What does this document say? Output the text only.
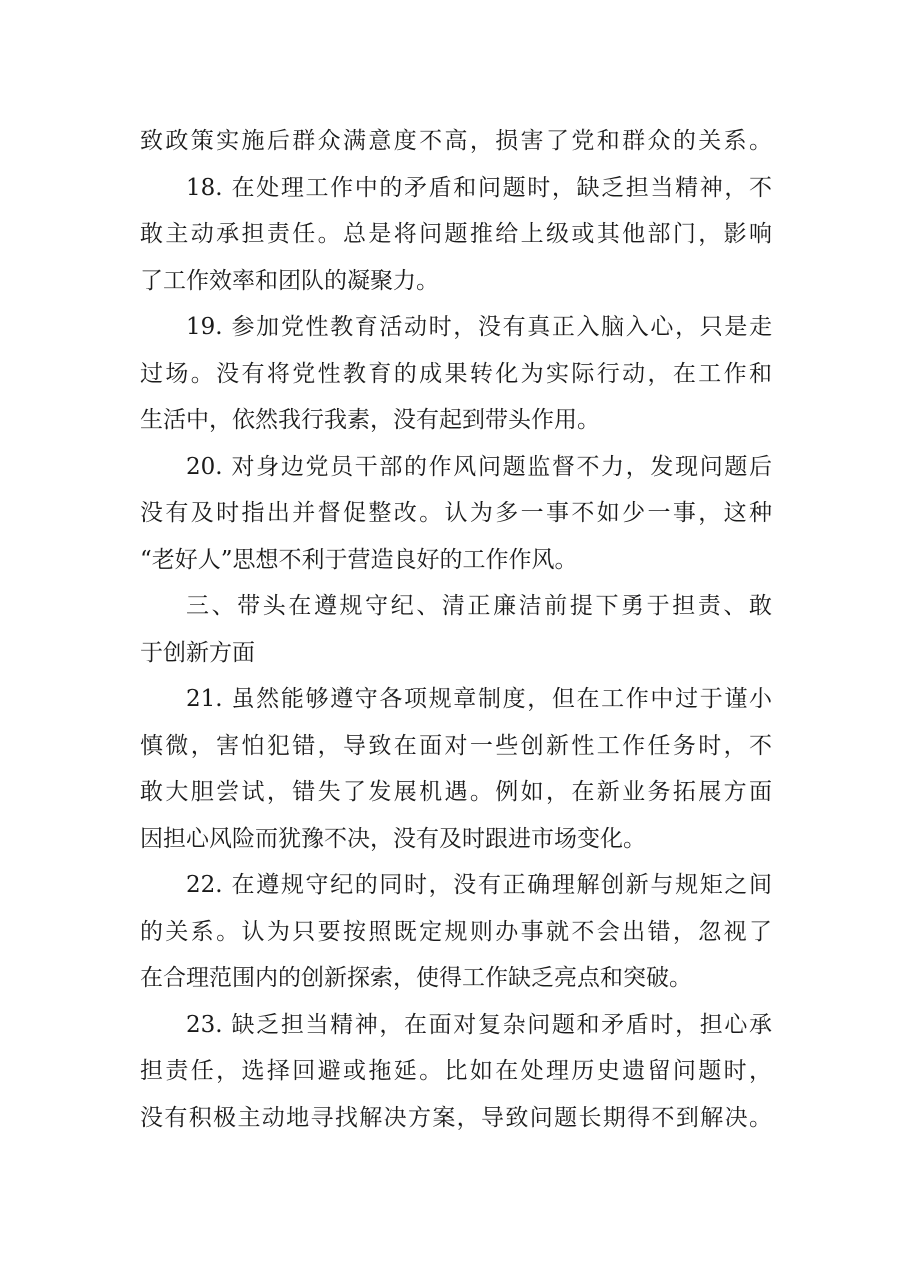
致政策实施后群众满意度不高，损害了党和群众的关系。
18. 在处理工作中的矛盾和问题时，缺乏担当精神，不
敢主动承担责任。总是将问题推给上级或其他部门，影响
了工作效率和团队的凝聚力。
19. 参加党性教育活动时，没有真正入脑入心，只是走
过场。没有将党性教育的成果转化为实际行动，在工作和
生活中，依然我行我素，没有起到带头作用。
20. 对身边党员干部的作风问题监督不力，发现问题后
没有及时指出并督促整改。认为多一事不如少一事，这种
“老好人”思想不利于营造良好的工作作风。
三、带头在遵规守纪、清正廉洁前提下勇于担责、敢
于创新方面
21. 虽然能够遵守各项规章制度，但在工作中过于谨小
慎微，害怕犯错，导致在面对一些创新性工作任务时，不
敢大胆尝试，错失了发展机遇。例如，在新业务拓展方面
因担心风险而犹豫不决，没有及时跟进市场变化。
22. 在遵规守纪的同时，没有正确理解创新与规矩之间
的关系。认为只要按照既定规则办事就不会出错，忽视了
在合理范围内的创新探索，使得工作缺乏亮点和突破。
23. 缺乏担当精神，在面对复杂问题和矛盾时，担心承
担责任，选择回避或拖延。比如在处理历史遗留问题时，
没有积极主动地寻找解决方案，导致问题长期得不到解决。
